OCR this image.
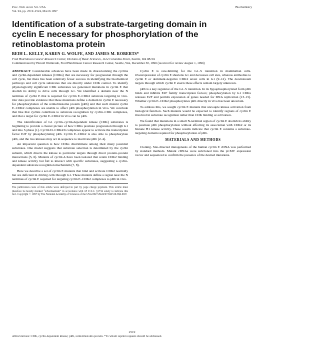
Proc. Natl. Acad. Sci. USA
Vol. 94, pp. 2519–2524, March 1997
Biochemistry
Identification of a substrate-targeting domain in cyclin E necessary for phosphorylation of the retinoblastoma protein
BEIH L. KELLY, KAREN G. WOLFE, AND JAMES M. ROBERTS*
Fred Hutchinson Cancer Research Center, Division of Basic Sciences, 1124 Columbia Street, Seattle, WA 98104
Communicated by Harold Weintraub, Fred Hutchinson Cancer Research Center, Seattle, WA, December 30, 1996 (received for review August 1, 1996)

ABSTRACT Considerable advances have been made in characterizing the cyclins and cyclin-dependent kinases (CDKs) that are necessary for progression through the cell cycle, but there has been relatively fewer success in identifying the biochemical pathways and cell cycle substrates that are directly under CDK control. To identify physiologically significant CDK substrates we generated mutations in cyclin E that abolish its ability to drive cells through G1. We identified a domain near the N terminus of cyclin E that is required for cyclin E–CDK2 substrate targeting in vivo. Our data provide evidence that these mutations define a domain in cyclin E necessary for phosphorylation of the retinoblastoma protein (pRb) and that such mutant cyclin E–CDK2 complexes are unable to affect pRb phosphorylation in vivo. We conclude that like that cyclins contribute to substrate recognition by cyclin–CDK complexes, and that a target for cyclin E–CDK2 in vivo can be pRb.

The identification of G1 cyclin–cyclin-dependent kinase (CDK) substrates is beginning to provide a clearer picture of how CDKs promote progression through G1 and into S phase (1). Cyclin D–CDK4/6 complexes appear to activate the transcription factor E2F by phosphorylating pRb. Cyclin E–CDK2 is also able to phosphorylate pRb, and the two kinases may act in sequence to inactivate pRb (2–4).

An important question is how CDKs discriminate among their many potential substrates. One model suggests that substrate selection is determined by the cyclin subunit, which directs the kinase to particular targets through direct protein–protein interactions (5, 6). Mutants of cyclin A have been isolated that retain CDK2 binding and kinase activity but fail to interact with specific substrates, suggesting a cyclin-dependent substrate recognition mechanism (7, 8).

Here we describe a set of cyclin E mutants that bind and activate CDK2 normally but are deficient in driving cells through G1. These mutants define a region near the N terminus of cyclin E required for targeting cyclin E–CDK2 complexes to pRb in vivo.

The publication costs of this article were defrayed in part by page charge payment. This article must therefore be hereby marked “advertisement” in accordance with 18 U.S.C. §1734 solely to indicate this fact. Copyright © 1997 by The National Academy of Sciences of the USA 0027-8424/97/942519-6$2.00/0

Cyclin E is rate-limiting for the G1–S transition in mammalian cells. Overexpression of cyclin E shortens G1 and decreases cell size, whereas antibodies to cyclin E or dominant-negative CDK2 arrest cells in G1 (9–12). The downstream targets through which cyclin E exerts these effects remain largely unknown.

pRb is a key regulator of the G1–S transition. In its hypophosphorylated form pRb binds and inhibits E2F family transcription factors; phosphorylation by G1 CDKs releases E2F and permits expression of genes needed for DNA replication (13–15). Whether cyclin E–CDK2 phosphorylates pRb directly in vivo has been uncertain.

To address this, we sought cyclin E mutants that uncouple kinase activation from biological function. Such mutants would be expected to identify regions of cyclin E involved in substrate recognition rather than CDK binding or activation.

We found that mutations in a small N-terminal region of cyclin E abolish its ability to promote pRb phosphorylation without affecting its association with CDK2 or its histone H1 kinase activity. These results indicate that cyclin E contains a substrate-targeting domain required for phosphorylation of pRb.

MATERIALS AND METHODS

Cloning. Site-directed mutagenesis of the human cyclin E cDNA was performed by standard methods. Mutant cDNAs were subcloned into the pCMV expression vector and sequenced to confirm the presence of the desired mutations.

2519
Abbreviations: CDK, cyclin-dependent kinase; pRb, retinoblastoma protein. *To whom reprint requests should be addressed.
